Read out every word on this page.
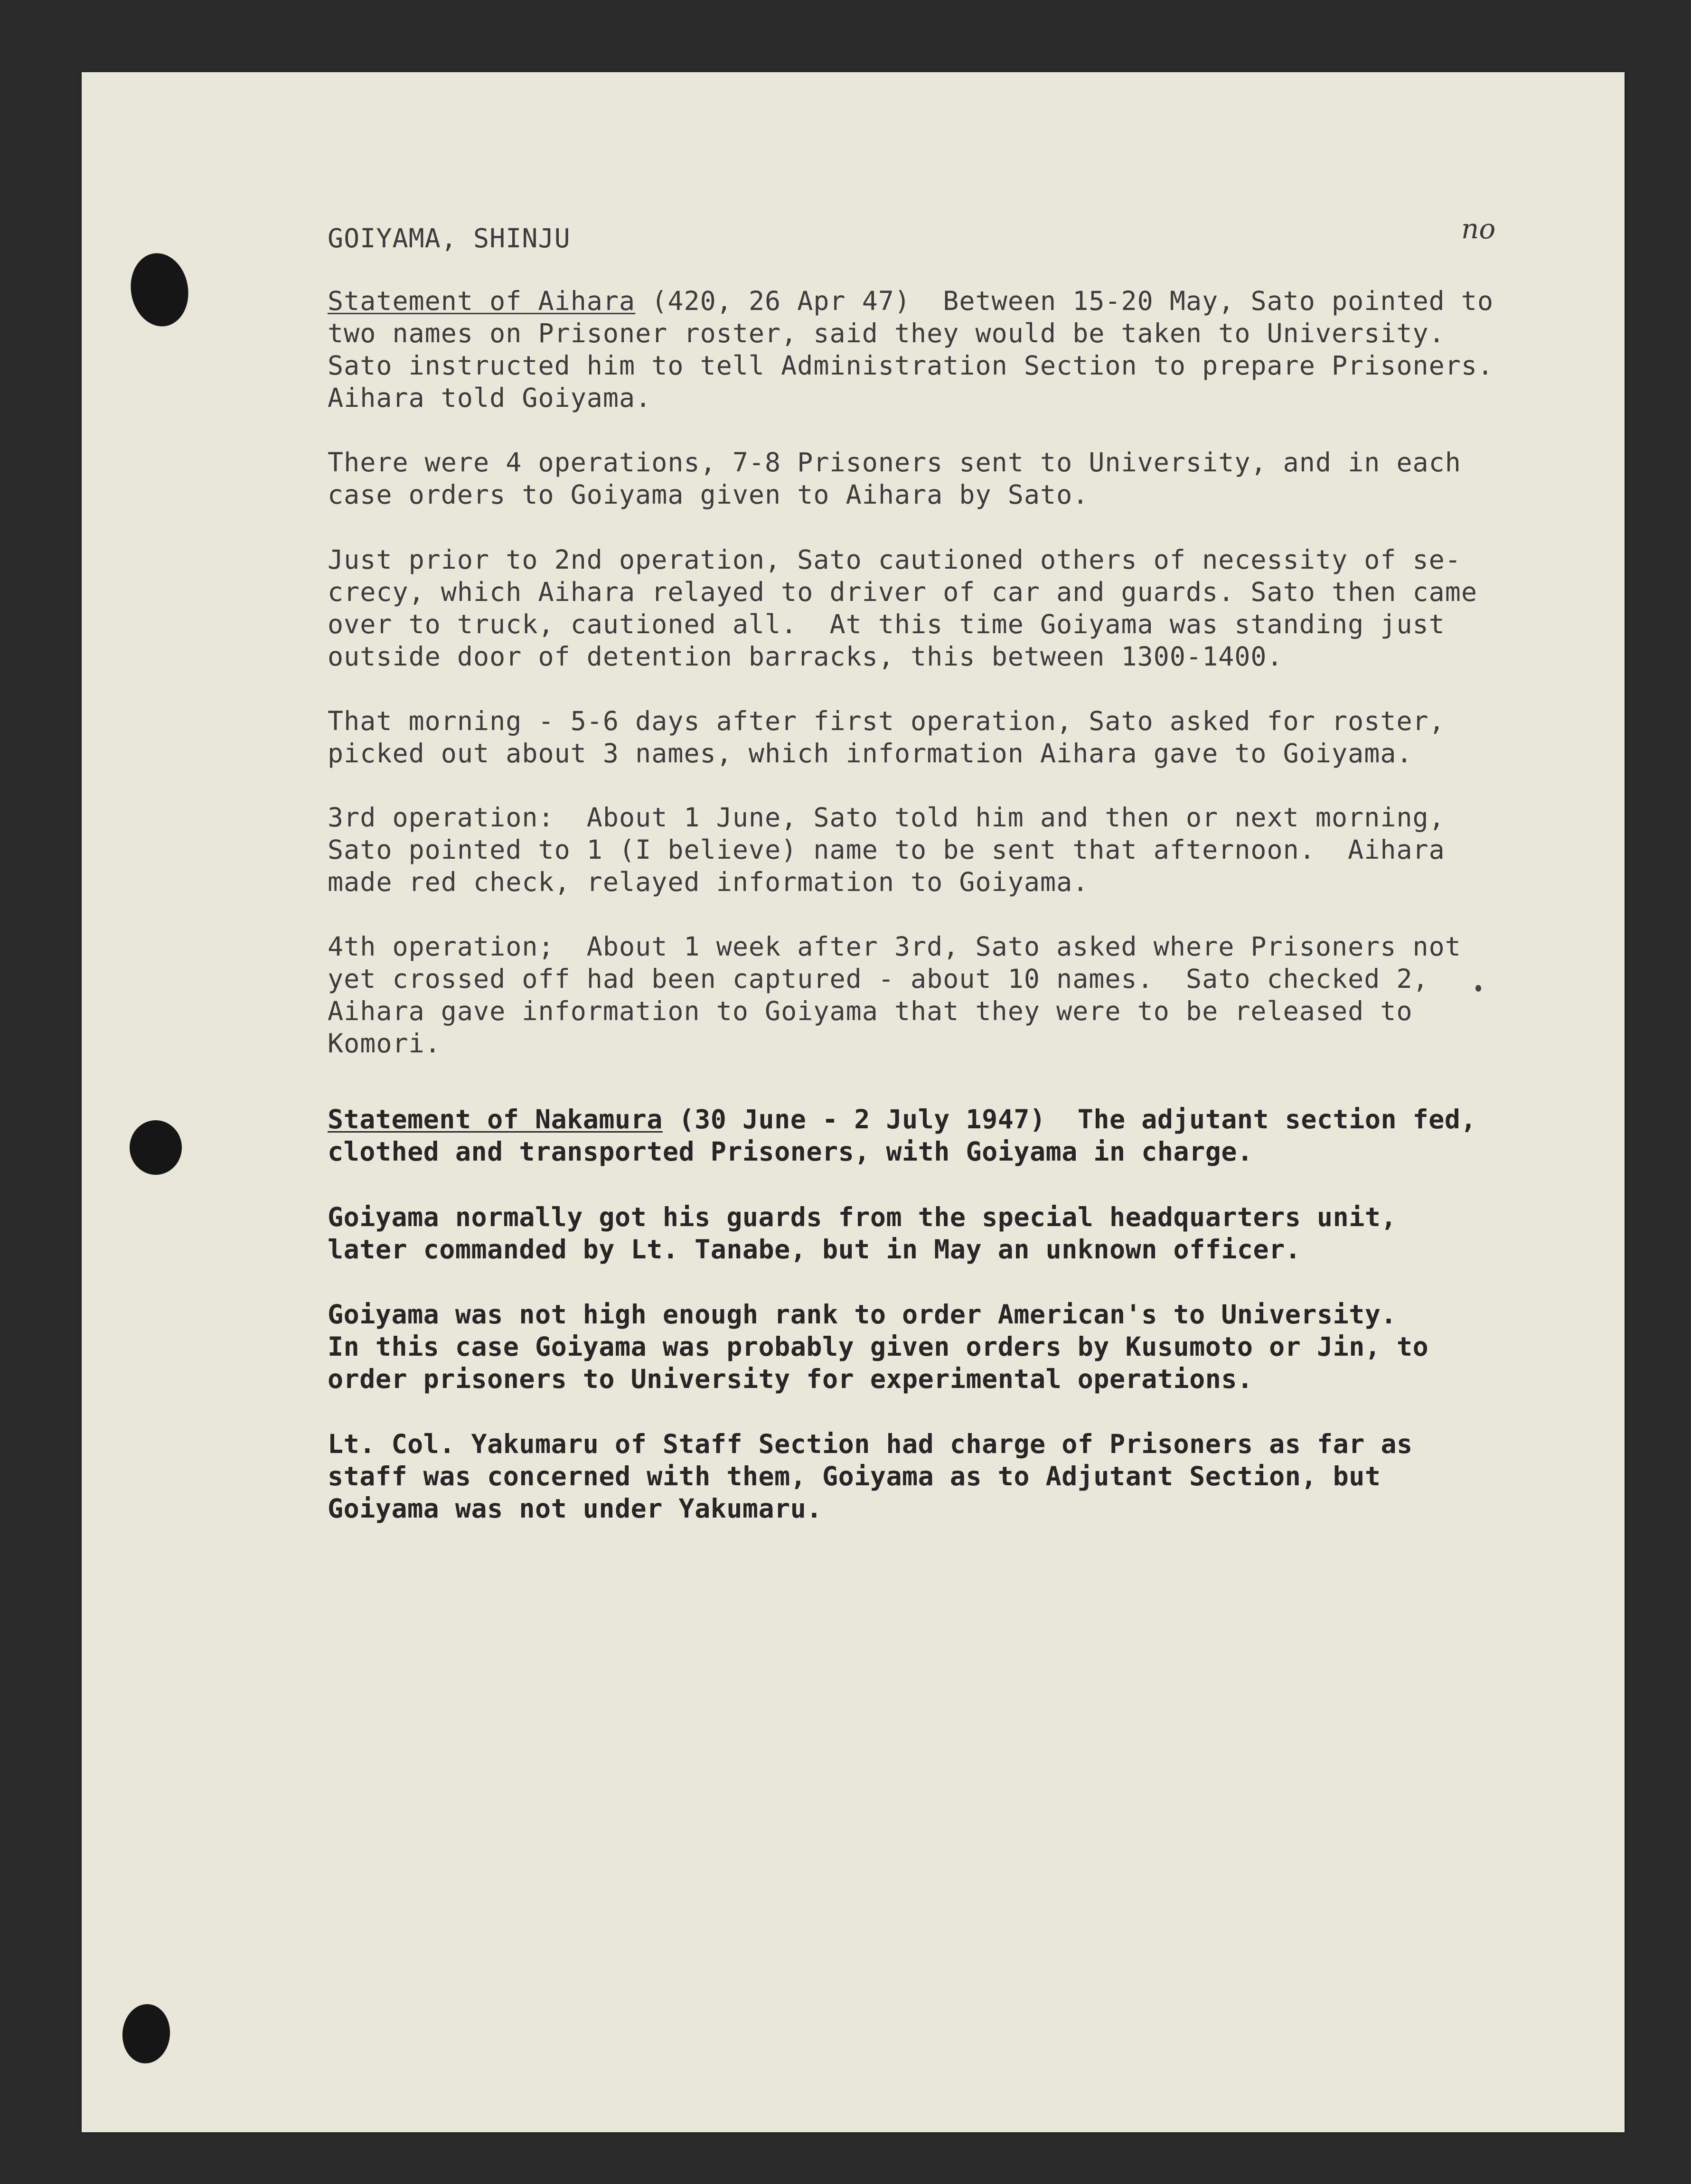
GOIYAMA, SHINJU	no
Statement of Aihara (420, 26 Apr 47)  Between 15-20 May, Sato pointed to
two names on Prisoner roster, said they would be taken to University.
Sato instructed him to tell Administration Section to prepare Prisoners.
Aihara told Goiyama.
There were 4 operations, 7-8 Prisoners sent to University, and in each
case orders to Goiyama given to Aihara by Sato.
Just prior to 2nd operation, Sato cautioned others of necessity of se-
crecy, which Aihara relayed to driver of car and guards. Sato then came
over to truck, cautioned all.  At this time Goiyama was standing just
outside door of detention barracks, this between 1300-1400.
That morning - 5-6 days after first operation, Sato asked for roster,
picked out about 3 names, which information Aihara gave to Goiyama.
3rd operation:  About 1 June, Sato told him and then or next morning,
Sato pointed to 1 (I believe) name to be sent that afternoon.  Aihara
made red check, relayed information to Goiyama.
4th operation;  About 1 week after 3rd, Sato asked where Prisoners not
yet crossed off had been captured - about 10 names.  Sato checked 2,
Aihara gave information to Goiyama that they were to be released to
Komori.
Statement of Nakamura (30 June - 2 July 1947)  The adjutant section fed,
clothed and transported Prisoners, with Goiyama in charge.
Goiyama normally got his guards from the special headquarters unit,
later commanded by Lt. Tanabe, but in May an unknown officer.
Goiyama was not high enough rank to order American's to University.
In this case Goiyama was probably given orders by Kusumoto or Jin, to
order prisoners to University for experimental operations.
Lt. Col. Yakumaru of Staff Section had charge of Prisoners as far as
staff was concerned with them, Goiyama as to Adjutant Section, but
Goiyama was not under Yakumaru.
